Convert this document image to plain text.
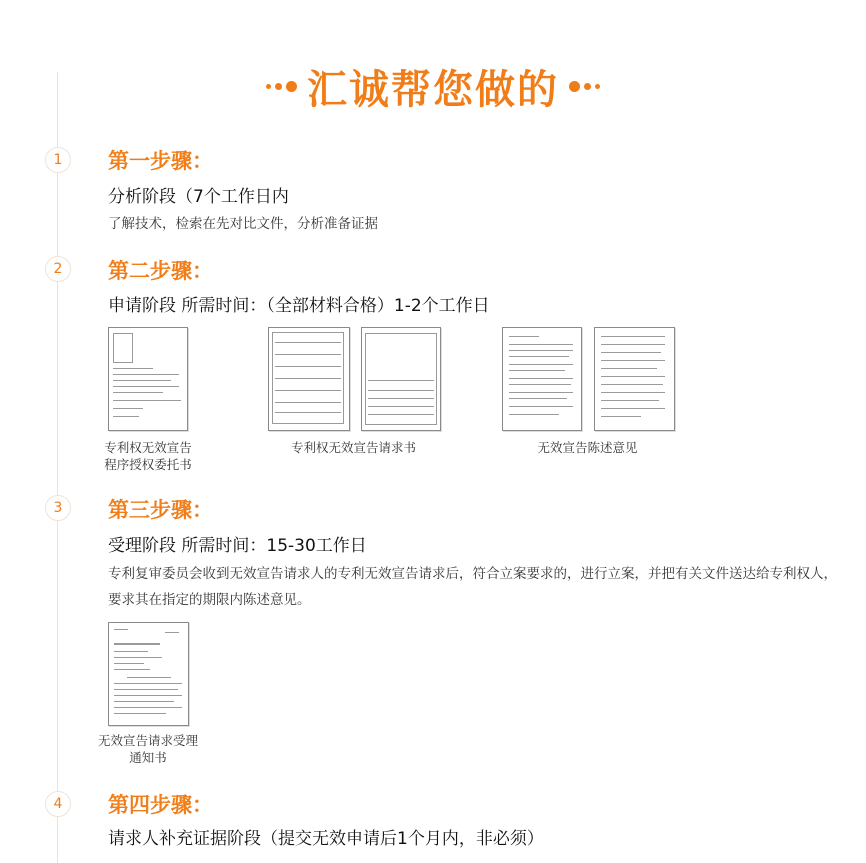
汇诚帮您做的
1	第一步骤：
分析阶段（7个工作日内
了解技术，检索在先对比文件，分析准备证据
2	第二步骤：
申请阶段 所需时间：（全部材料合格）1-2个工作日
专利权无效宣告
程序授权委托书
专利权无效宣告请求书	无效宣告陈述意见
3	第三步骤：
受理阶段 所需时间：15-30工作日
专利复审委员会收到无效宣告请求人的专利无效宣告请求后，符合立案要求的，进行立案，并把有关文件送达给专利权人，
要求其在指定的期限内陈述意见。
无效宣告请求受理
通知书
4	第四步骤：
请求人补充证据阶段（提交无效申请后1个月内，非必须）
